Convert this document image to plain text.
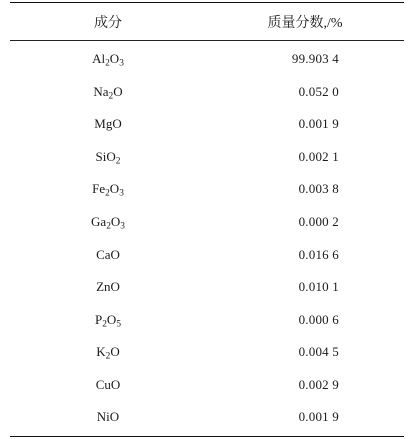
成分	质量分数,/%
$Al_2O_3$	99.903 4
$Na_2O$	0.052 0
MgO	0.001 9
SiO$_2$	0.002 1
$Fe_2O_3$	0.003 8
$Ga_2O_3$	0.000 2
CaO	0.016 6
ZnO	0.010 1
$P_2O_5$	0.000 6
$K_2O$	0.004 5
CuO	0.002 9
NiO	0.001 9
